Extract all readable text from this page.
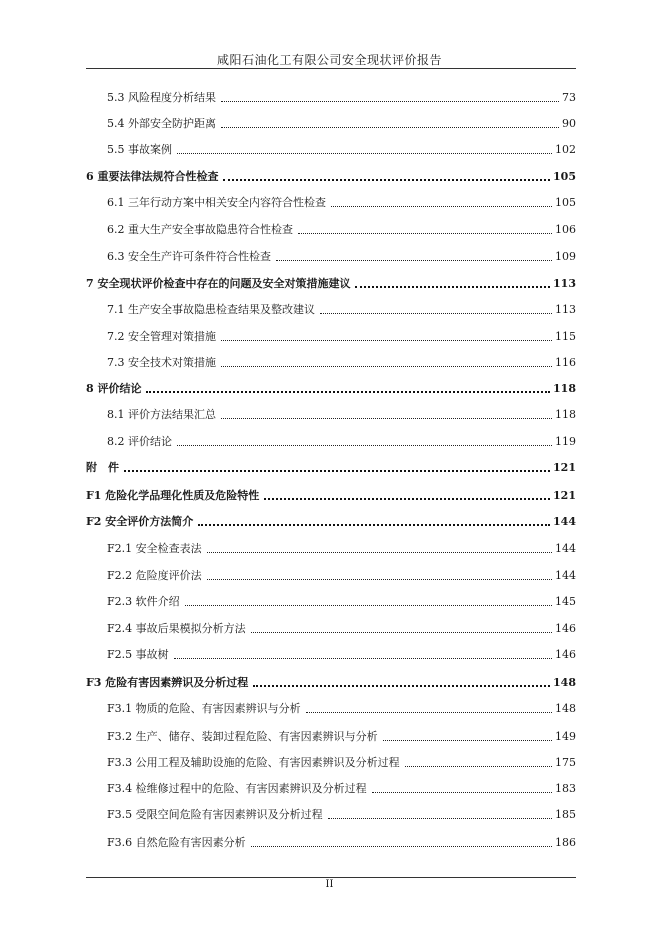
咸阳石油化工有限公司安全现状评价报告
5.3 风险程度分析结果	73
5.4 外部安全防护距离	90
5.5 事故案例	102
6 重要法律法规符合性检查	105
6.1 三年行动方案中相关安全内容符合性检查	105
6.2 重大生产安全事故隐患符合性检查	106
6.3 安全生产许可条件符合性检查	109
7 安全现状评价检查中存在的问题及安全对策措施建议	113
7.1 生产安全事故隐患检查结果及整改建议	113
7.2 安全管理对策措施	115
7.3 安全技术对策措施	116
8 评价结论	118
8.1 评价方法结果汇总	118
8.2 评价结论	119
附　件	121
F1 危险化学品理化性质及危险特性	121
F2 安全评价方法简介	144
F2.1 安全检查表法	144
F2.2 危险度评价法	144
F2.3 软件介绍	145
F2.4 事故后果模拟分析方法	146
F2.5 事故树	146
F3 危险有害因素辨识及分析过程	148
F3.1 物质的危险、有害因素辨识与分析	148
F3.2 生产、储存、装卸过程危险、有害因素辨识与分析	149
F3.3 公用工程及辅助设施的危险、有害因素辨识及分析过程	175
F3.4 检维修过程中的危险、有害因素辨识及分析过程	183
F3.5 受限空间危险有害因素辨识及分析过程	185
F3.6 自然危险有害因素分析	186
II
